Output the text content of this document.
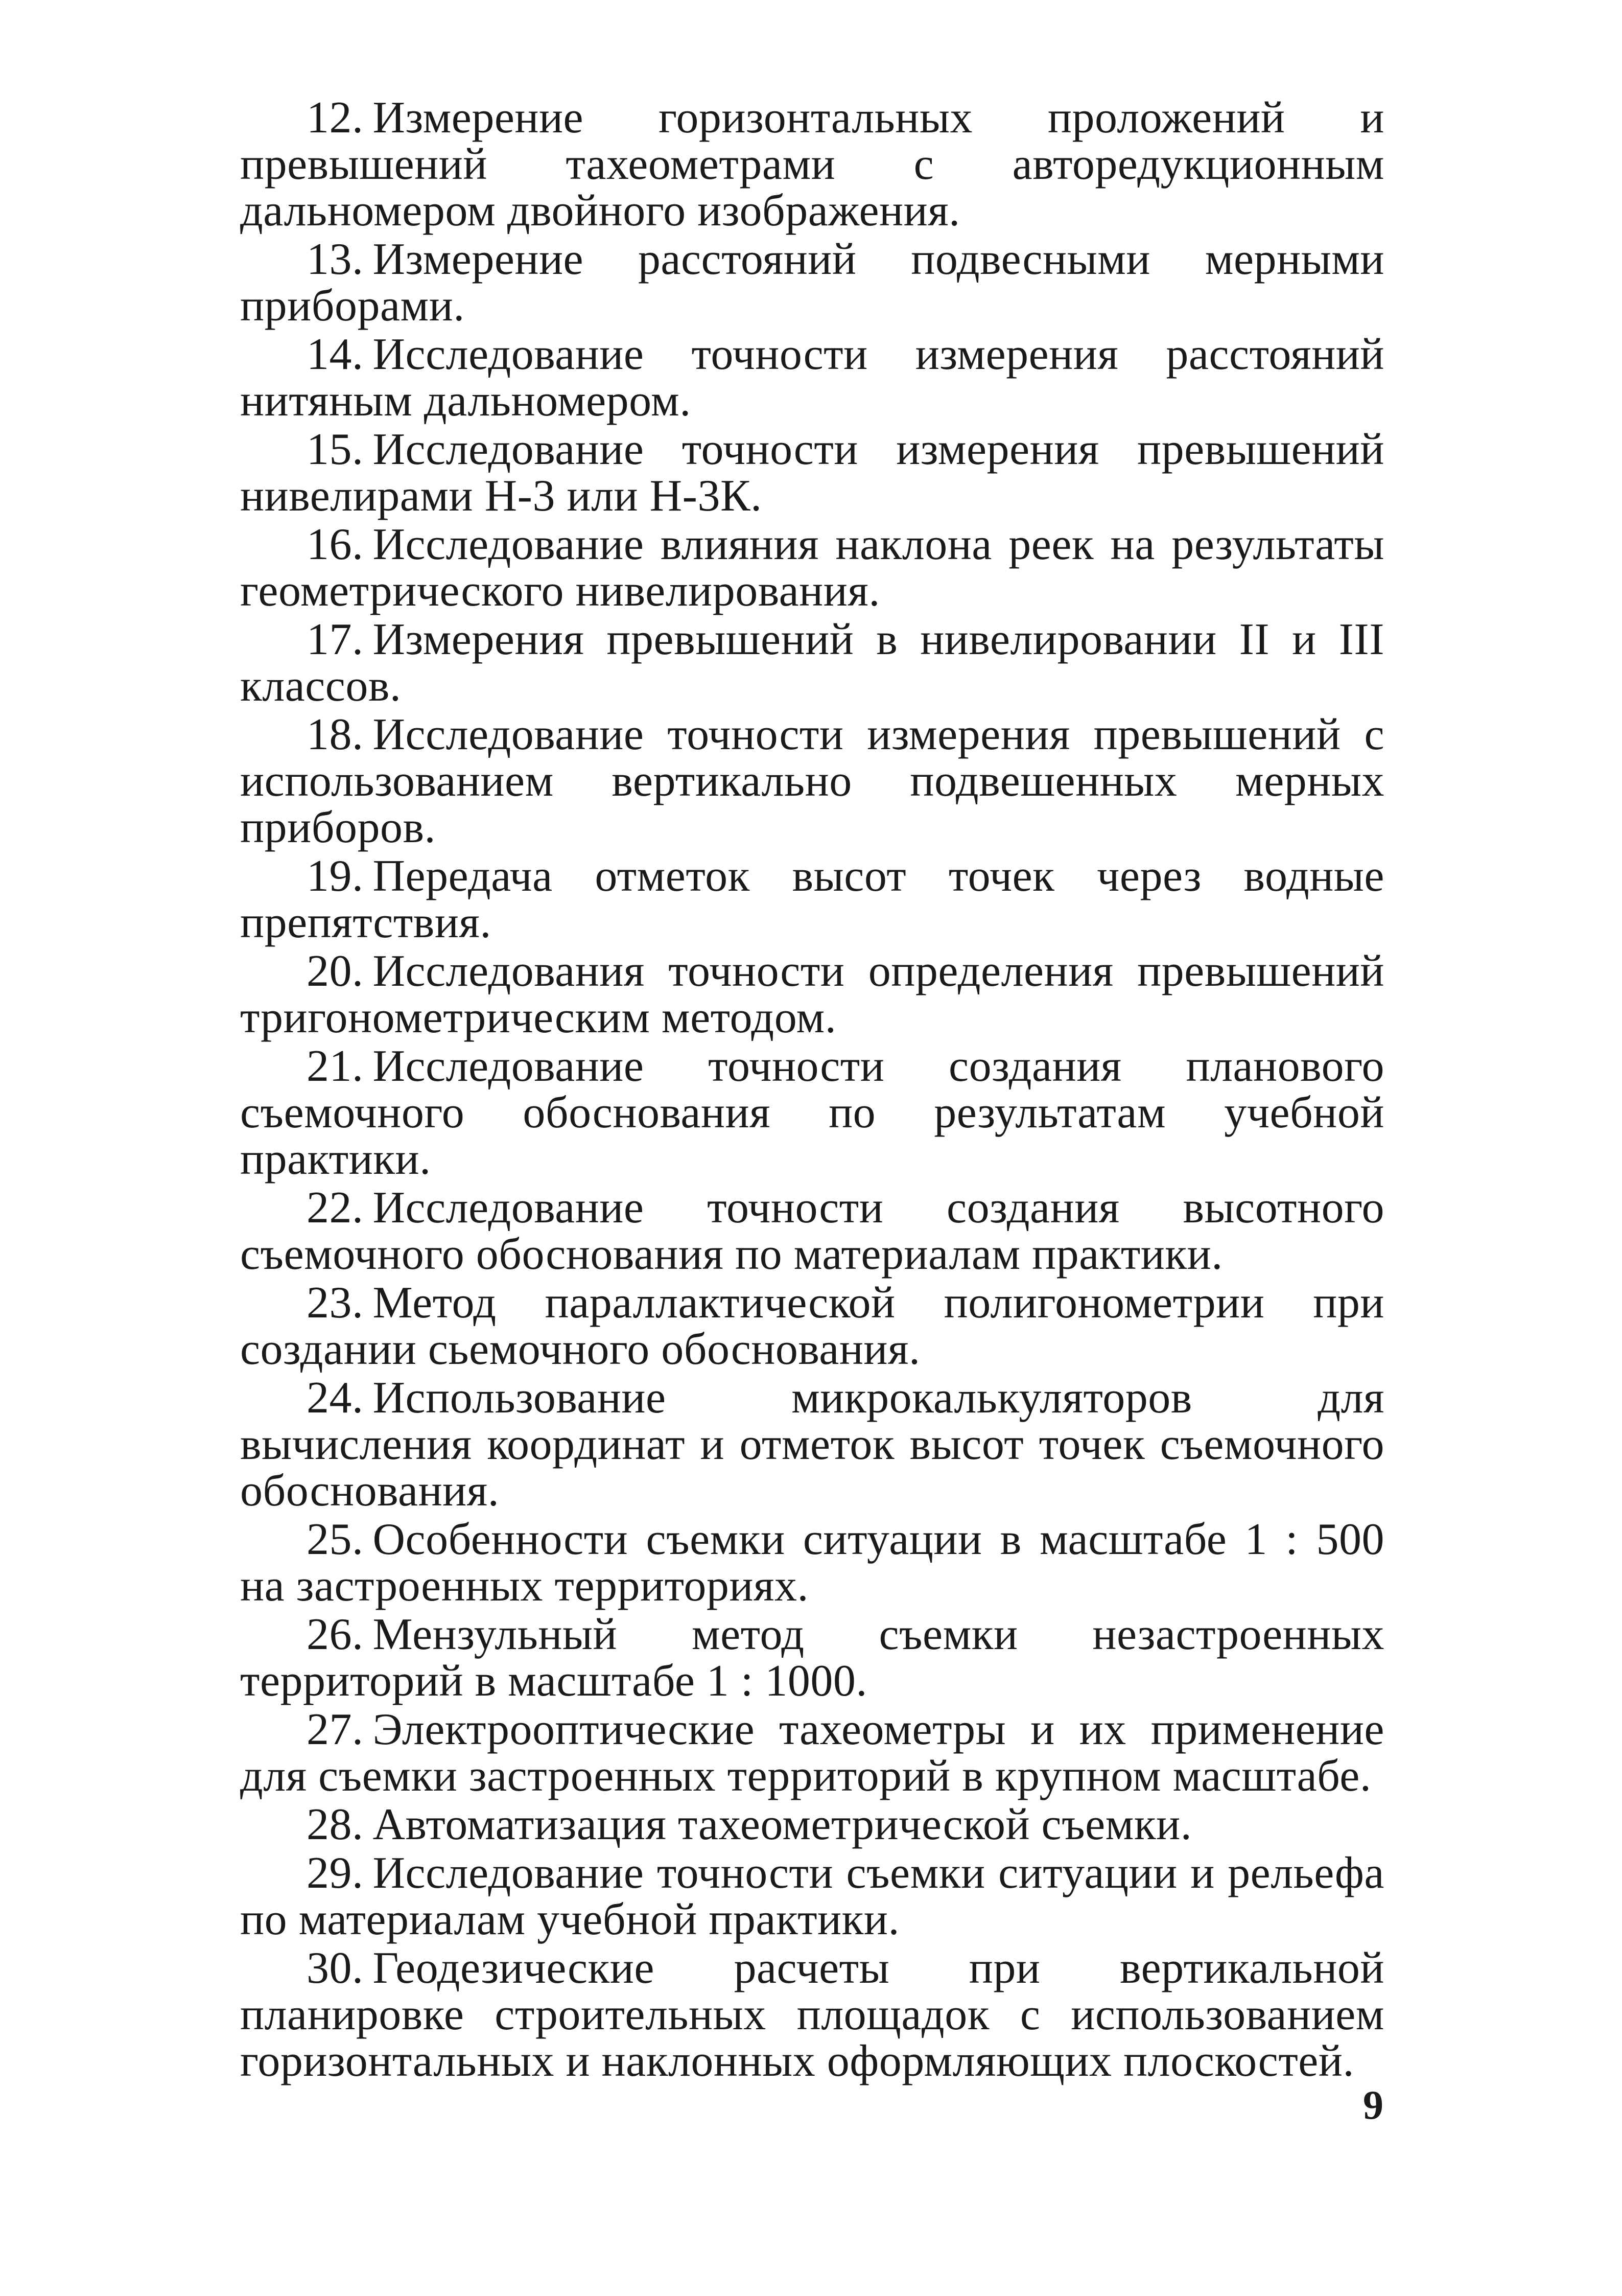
12. Измерение горизонтальных проложений и превышений тахеометрами с авторедукционным дальномером двойного изображения.

13. Измерение расстояний подвесными мерными приборами.

14. Исследование точности измерения расстояний нитяным дальномером.

15. Исследование точности измерения превышений нивелирами Н-3 или Н-3К.

16. Исследование влияния наклона реек на результаты геометрического нивелирования.

17. Измерения превышений в нивелировании II и III классов.

18. Исследование точности измерения превышений с использованием вертикально подвешенных мерных приборов.

19. Передача отметок высот точек через водные препятствия.

20. Исследования точности определения превышений тригонометрическим методом.

21. Исследование точности создания планового съемочного обоснования по результатам учебной практики.

22. Исследование точности создания высотного съемочного обоснования по материалам практики.

23. Метод параллактической полигонометрии при создании сьемочного обоснования.

24. Использование микрокалькуляторов для вычисления координат и отметок высот точек съемочного обоснования.

25. Особенности съемки ситуации в масштабе 1 : 500 на застроенных территориях.

26. Мензульный метод съемки незастроенных территорий в масштабе 1 : 1000.

27. Электрооптические тахеометры и их применение для съемки застроенных территорий в крупном масштабе.

28. Автоматизация тахеометрической съемки.

29. Исследование точности съемки ситуации и рельефа по материалам учебной практики.

30. Геодезические расчеты при вертикальной планировке строительных площадок с использованием горизонтальных и наклонных оформляющих плоскостей.

9
